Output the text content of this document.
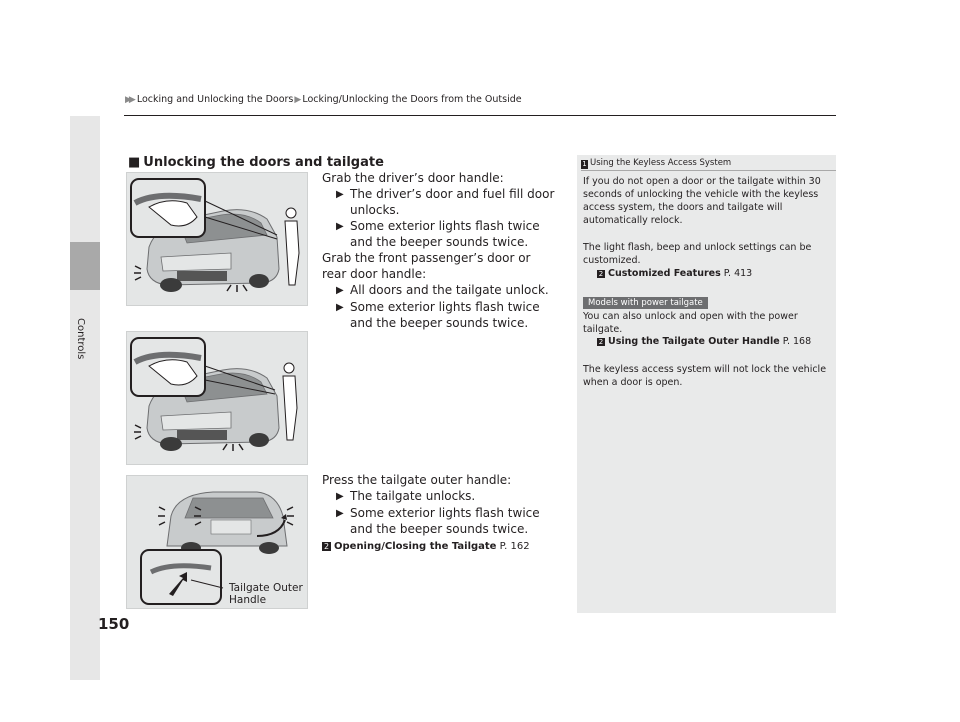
▶▶ Locking and Unlocking the Doors ▶ Locking/Unlocking the Doors from the Outside
Controls
150
■ Unlocking the doors and tailgate
Tailgate Outer
Handle
Grab the driver’s door handle:
▶ The driver’s door and fuel fill door unlocks.
▶ Some exterior lights flash twice and the beeper sounds twice.
Grab the front passenger’s door or rear door handle:
▶ All doors and the tailgate unlock.
▶ Some exterior lights flash twice and the beeper sounds twice.
Press the tailgate outer handle:
▶ The tailgate unlocks.
▶ Some exterior lights flash twice and the beeper sounds twice.
2 Opening/Closing the Tailgate P. 162
1 Using the Keyless Access System
If you do not open a door or the tailgate within 30 seconds of unlocking the vehicle with the keyless access system, the doors and tailgate will automatically relock.
The light flash, beep and unlock settings can be customized.
2 Customized Features P. 413
Models with power tailgate
You can also unlock and open with the power tailgate.
2 Using the Tailgate Outer Handle P. 168
The keyless access system will not lock the vehicle when a door is open.
